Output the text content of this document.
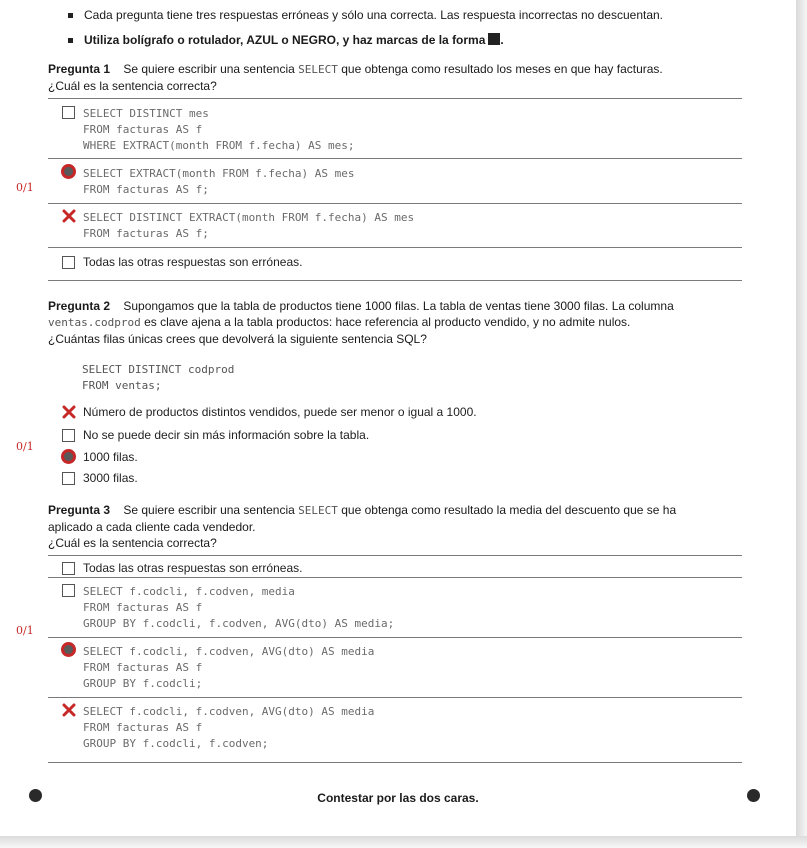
Cada pregunta tiene tres respuestas erróneas y sólo una correcta. Las respuesta incorrectas no descuentan.
Utiliza bolígrafo o rotulador, AZUL o NEGRO, y haz marcas de la forma .
Pregunta 1 Se quiere escribir una sentencia SELECT que obtenga como resultado los meses en que hay facturas.
¿Cuál es la sentencia correcta?
SELECT DISTINCT mes
FROM facturas AS f
WHERE EXTRACT(month FROM f.fecha) AS mes;
SELECT EXTRACT(month FROM f.fecha) AS mes
FROM facturas AS f;
0/1
SELECT DISTINCT EXTRACT(month FROM f.fecha) AS mes
FROM facturas AS f;
Todas las otras respuestas son erróneas.
Pregunta 2 Supongamos que la tabla de productos tiene 1000 filas. La tabla de ventas tiene 3000 filas. La columna
ventas.codprod es clave ajena a la tabla productos: hace referencia al producto vendido, y no admite nulos.
¿Cuántas filas únicas crees que devolverá la siguiente sentencia SQL?
SELECT DISTINCT codprod
FROM ventas;
Número de productos distintos vendidos, puede ser menor o igual a 1000.
No se puede decir sin más información sobre la tabla.
0/1
1000 filas.
3000 filas.
Pregunta 3 Se quiere escribir una sentencia SELECT que obtenga como resultado la media del descuento que se ha
aplicado a cada cliente cada vendedor.
¿Cuál es la sentencia correcta?
Todas las otras respuestas son erróneas.
SELECT f.codcli, f.codven, media
FROM facturas AS f
GROUP BY f.codcli, f.codven, AVG(dto) AS media;
0/1
SELECT f.codcli, f.codven, AVG(dto) AS media
FROM facturas AS f
GROUP BY f.codcli;
SELECT f.codcli, f.codven, AVG(dto) AS media
FROM facturas AS f
GROUP BY f.codcli, f.codven;
Contestar por las dos caras.
